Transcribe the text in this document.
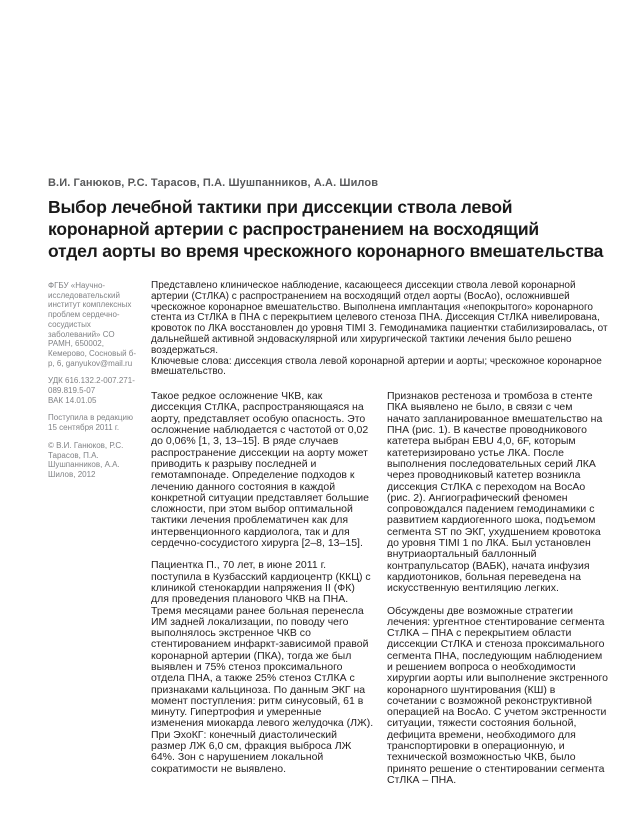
В.И. Ганюков, Р.С. Тарасов, П.А. Шушпанников, А.А. Шилов
Выбор лечебной тактики при диссекции ствола левой
коронарной артерии с распространением на восходящий
отдел аорты во время чрескожного коронарного вмешательства
ФГБУ «Научно-исследовательский институт комплексных проблем сердечно-сосудистых заболеваний» СО РАМН, 650002, Кемерово, Сосновый б-р, 6, ganyukov@mail.ru
УДК 616.132.2-007.271-089.819.5-07
ВАК 14.01.05
Поступила в редакцию 15 сентября 2011 г.
© В.И. Ганюков, Р.С. Тарасов, П.А. Шушпанников, А.А. Шилов, 2012
Представлено клиническое наблюдение, касающееся диссекции ствола левой коронарной артерии (СтЛКА) с распространением на восходящий отдел аорты (ВосАо), осложнившей чрескожное коронарное вмешательство. Выполнена имплантация «непокрытого» коронарного стента из СтЛКА в ПНА с перекрытием целевого стеноза ПНА. Диссекция СтЛКА нивелирована, кровоток по ЛКА восстановлен до уровня TIMI 3. Гемодинамика пациентки стабилизировалась, от дальнейшей активной эндоваскулярной или хирургической тактики лечения было решено воздержаться.
Ключевые слова: диссекция ствола левой коронарной артерии и аорты; чрескожное коронарное вмешательство.

Такое редкое осложнение ЧКВ, как диссекция СтЛКА, распространяющаяся на аорту, представляет особую опасность. Это осложнение наблюдается с частотой от 0,02 до 0,06% [1, 3, 13–15]. В ряде случаев распространение диссекции на аорту может приводить к разрыву последней и гемотампонаде. Определение подходов к лечению данного состояния в каждой конкретной ситуации представляет большие сложности, при этом выбор оптимальной тактики лечения проблематичен как для интервенционного кардиолога, так и для сердечно-сосудистого хирурга [2–8, 13–15].

Пациентка П., 70 лет, в июне 2011 г. поступила в Кузбасский кардиоцентр (ККЦ) с клиникой стенокардии напряжения II (ФК) для проведения планового ЧКВ на ПНА. Тремя месяцами ранее больная перенесла ИМ задней локализации, по поводу чего выполнялось экстренное ЧКВ со стентированием инфаркт-зависимой правой коронарной артерии (ПКА), тогда же был выявлен и 75% стеноз проксимального отдела ПНА, а также 25% стеноз СтЛКА с признаками кальциноза. По данным ЭКГ на момент поступления: ритм синусовый, 61 в минуту. Гипертрофия и умеренные изменения миокарда левого желудочка (ЛЖ). При ЭхоКГ: конечный диастолический размер ЛЖ 6,0 см, фракция выброса ЛЖ 64%. Зон с нарушением локальной сократимости не выявлено.

Признаков рестеноза и тромбоза в стенте ПКА выявлено не было, в связи с чем начато запланированное вмешательство на ПНА (рис. 1). В качестве проводникового катетера выбран EBU 4,0, 6F, которым катетеризировано устье ЛКА. После выполнения последовательных серий ЛКА через проводниковый катетер возникла диссекция СтЛКА с переходом на ВосАо (рис. 2). Ангиографический феномен сопровождался падением гемодинамики с развитием кардиогенного шока, подъемом сегмента ST по ЭКГ, ухудшением кровотока до уровня TIMI 1 по ЛКА. Был установлен внутриаортальный баллонный контрапульсатор (ВАБК), начата инфузия кардиотоников, больная переведена на искусственную вентиляцию легких.

Обсуждены две возможные стратегии лечения: ургентное стентирование сегмента СтЛКА – ПНА с перекрытием области диссекции СтЛКА и стеноза проксимального сегмента ПНА, последующим наблюдением и решением вопроса о необходимости хирургии аорты или выполнение экстренного коронарного шунтирования (КШ) в сочетании с возможной реконструктивной операцией на ВосАо. С учетом экстренности ситуации, тяжести состояния больной, дефицита времени, необходимого для транспортировки в операционную, и технической возможностью ЧКВ, было принято решение о стентировании сегмента СтЛКА – ПНА.
